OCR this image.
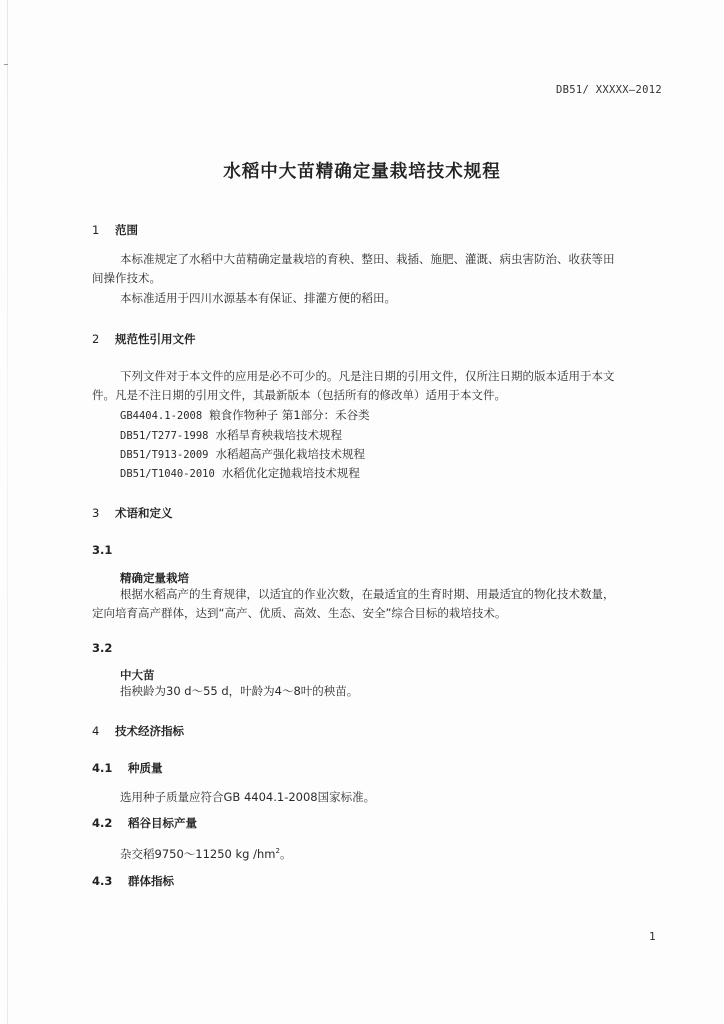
DB51/ XXXXX—2012
水稻中大苗精确定量栽培技术规程
1 范围
本标准规定了水稻中大苗精确定量栽培的育秧、整田、栽插、施肥、灌溉、病虫害防治、收获等田
间操作技术。
本标准适用于四川水源基本有保证、排灌方便的稻田。
2 规范性引用文件
下列文件对于本文件的应用是必不可少的。凡是注日期的引用文件，仅所注日期的版本适用于本文
件。凡是不注日期的引用文件，其最新版本（包括所有的修改单）适用于本文件。
GB4404.1-2008 粮食作物种子 第1部分：禾谷类
DB51/T277-1998 水稻旱育秧栽培技术规程
DB51/T913-2009 水稻超高产强化栽培技术规程
DB51/T1040-2010 水稻优化定抛栽培技术规程
3 术语和定义
3.1
精确定量栽培
根据水稻高产的生育规律，以适宜的作业次数，在最适宜的生育时期、用最适宜的物化技术数量，
定向培育高产群体，达到“高产、优质、高效、生态、安全”综合目标的栽培技术。
3.2
中大苗
指秧龄为30 d～55 d，叶龄为4～8叶的秧苗。
4 技术经济指标
4.1 种质量
选用种子质量应符合GB 4404.1-2008国家标准。
4.2 稻谷目标产量
杂交稻9750～11250 kg $/hm^2$。
4.3 群体指标
1
